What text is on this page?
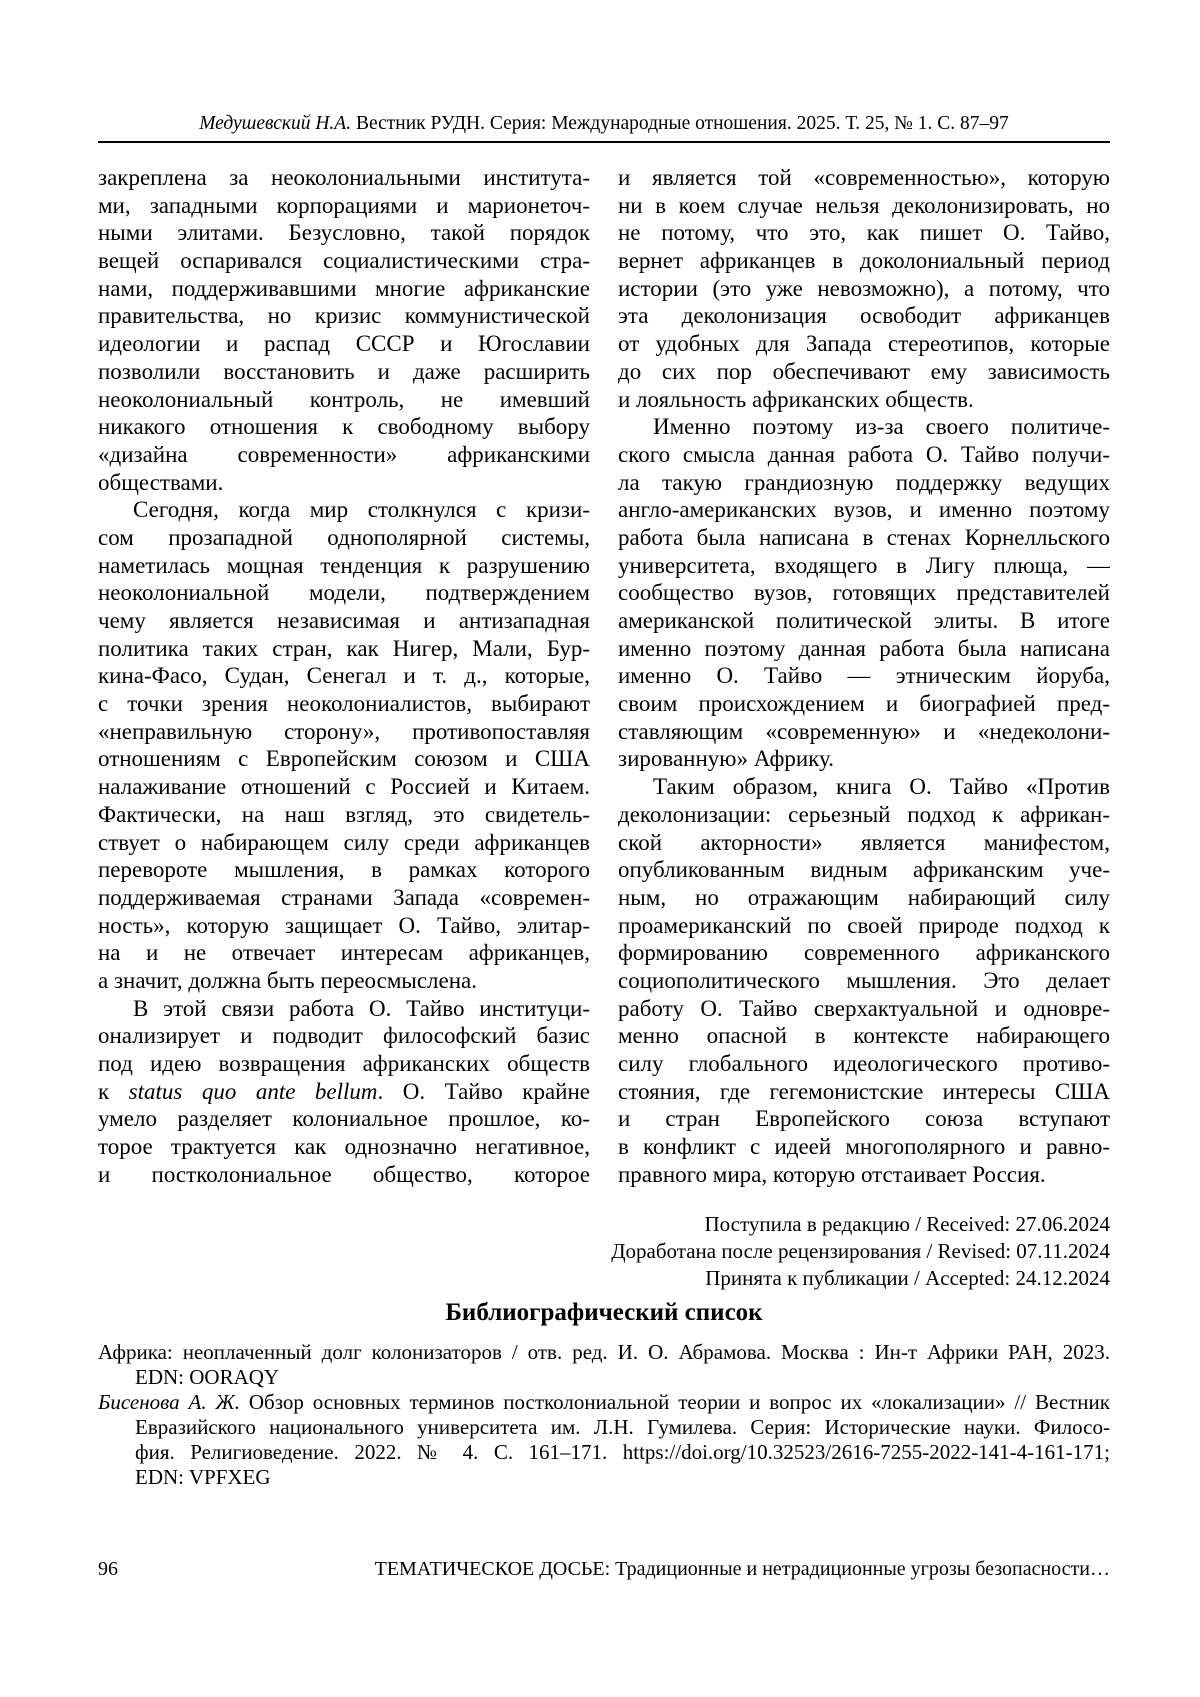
Медушевский Н.А. Вестник РУДН. Серия: Международные отношения. 2025. Т. 25, № 1. С. 87–97
закреплена за неоколониальными института-
ми, западными корпорациями и марионеточ-
ными элитами. Безусловно, такой порядок
вещей оспаривался социалистическими стра-
нами, поддерживавшими многие африканские
правительства, но кризис коммунистической
идеологии и распад СССР и Югославии
позволили восстановить и даже расширить
неоколониальный контроль, не имевший
никакого отношения к свободному выбору
«дизайна современности» африканскими
обществами.
Сегодня, когда мир столкнулся с кризи-
сом прозападной однополярной системы,
наметилась мощная тенденция к разрушению
неоколониальной модели, подтверждением
чему является независимая и антизападная
политика таких стран, как Нигер, Мали, Бур-
кина-Фасо, Судан, Сенегал и т. д., которые,
с точки зрения неоколониалистов, выбирают
«неправильную сторону», противопоставляя
отношениям с Европейским союзом и США
налаживание отношений с Россией и Китаем.
Фактически, на наш взгляд, это свидетель-
ствует о набирающем силу среди африканцев
перевороте мышления, в рамках которого
поддерживаемая странами Запада «современ-
ность», которую защищает О. Тайво, элитар-
на и не отвечает интересам африканцев,
а значит, должна быть переосмыслена.
В этой связи работа О. Тайво институци-
онализирует и подводит философский базис
под идею возвращения африканских обществ
к status quo ante bellum. О. Тайво крайне
умело разделяет колониальное прошлое, ко-
торое трактуется как однозначно негативное,
и постколониальное общество, которое
и является той «современностью», которую
ни в коем случае нельзя деколонизировать, но
не потому, что это, как пишет О. Тайво,
вернет африканцев в доколониальный период
истории (это уже невозможно), а потому, что
эта деколонизация освободит африканцев
от удобных для Запада стереотипов, которые
до сих пор обеспечивают ему зависимость
и лояльность африканских обществ.
Именно поэтому из-за своего политиче-
ского смысла данная работа О. Тайво получи-
ла такую грандиозную поддержку ведущих
англо-американских вузов, и именно поэтому
работа была написана в стенах Корнелльского
университета, входящего в Лигу плюща, —
сообщество вузов, готовящих представителей
американской политической элиты. В итоге
именно поэтому данная работа была написана
именно О. Тайво — этническим йоруба,
своим происхождением и биографией пред-
ставляющим «современную» и «недеколони-
зированную» Африку.
Таким образом, книга О. Тайво «Против
деколонизации: серьезный подход к африкан-
ской акторности» является манифестом,
опубликованным видным африканским уче-
ным, но отражающим набирающий силу
проамериканский по своей природе подход к
формированию современного африканского
социополитического мышления. Это делает
работу О. Тайво сверхактуальной и одновре-
менно опасной в контексте набирающего
силу глобального идеологического противо-
стояния, где гегемонистские интересы США
и стран Европейского союза вступают
в конфликт с идеей многополярного и равно-
правного мира, которую отстаивает Россия.
Поступила в редакцию / Received: 27.06.2024
Доработана после рецензирования / Revised: 07.11.2024
Принята к публикации / Accepted: 24.12.2024
Библиографический список
Африка: неоплаченный долг колонизаторов / отв. ред. И. О. Абрамова. Москва : Ин-т Африки РАН, 2023.
EDN: OORAQY
Бисенова А. Ж. Обзор основных терминов постколониальной теории и вопрос их «локализации» // Вестник
Евразийского национального университета им. Л.Н. Гумилева. Серия: Исторические науки. Филосо-
фия. Религиоведение. 2022. № 4. С. 161–171. https://doi.org/10.32523/2616-7255-2022-141-4-161-171;
EDN: VPFXEG
96	ТЕМАТИЧЕСКОЕ ДОСЬЕ: Традиционные и нетрадиционные угрозы безопасности…
